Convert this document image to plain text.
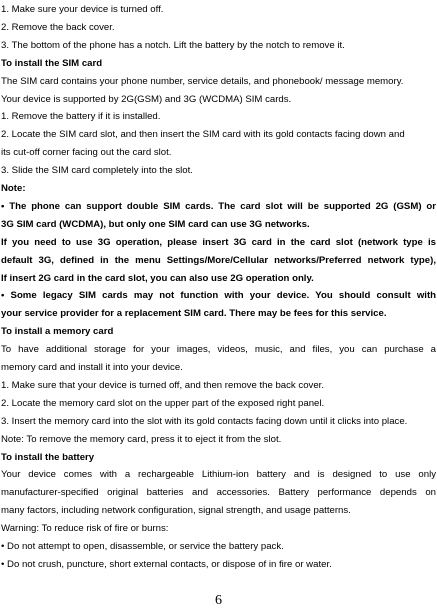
1. Make sure your device is turned off.
2. Remove the back cover.
3. The bottom of the phone has a notch. Lift the battery by the notch to remove it.
To install the SIM card
The SIM card contains your phone number, service details, and phonebook/ message memory.
Your device is supported by 2G(GSM) and 3G (WCDMA) SIM cards.
1. Remove the battery if it is installed.
2. Locate the SIM card slot, and then insert the SIM card with its gold contacts facing down and
its cut-off corner facing out the card slot.
3. Slide the SIM card completely into the slot.
Note:
• The phone can support double SIM cards. The card slot will be supported 2G (GSM) or
3G SIM card (WCDMA), but only one SIM card can use 3G networks.
If you need to use 3G operation, please insert 3G card in the card slot (network type is
default 3G, defined in the menu Settings/More/Cellular networks/Preferred network type),
If insert 2G card in the card slot, you can also use 2G operation only.
• Some legacy SIM cards may not function with your device. You should consult with
your service provider for a replacement SIM card. There may be fees for this service.
To install a memory card
To have additional storage for your images, videos, music, and files, you can purchase a
memory card and install it into your device.
1. Make sure that your device is turned off, and then remove the back cover.
2. Locate the memory card slot on the upper part of the exposed right panel.
3. Insert the memory card into the slot with its gold contacts facing down until it clicks into place.
Note: To remove the memory card, press it to eject it from the slot.
To install the battery
Your device comes with a rechargeable Lithium-ion battery and is designed to use only
manufacturer-specified original batteries and accessories. Battery performance depends on
many factors, including network configuration, signal strength, and usage patterns.
Warning: To reduce risk of fire or burns:
• Do not attempt to open, disassemble, or service the battery pack.
• Do not crush, puncture, short external contacts, or dispose of in fire or water.
6
